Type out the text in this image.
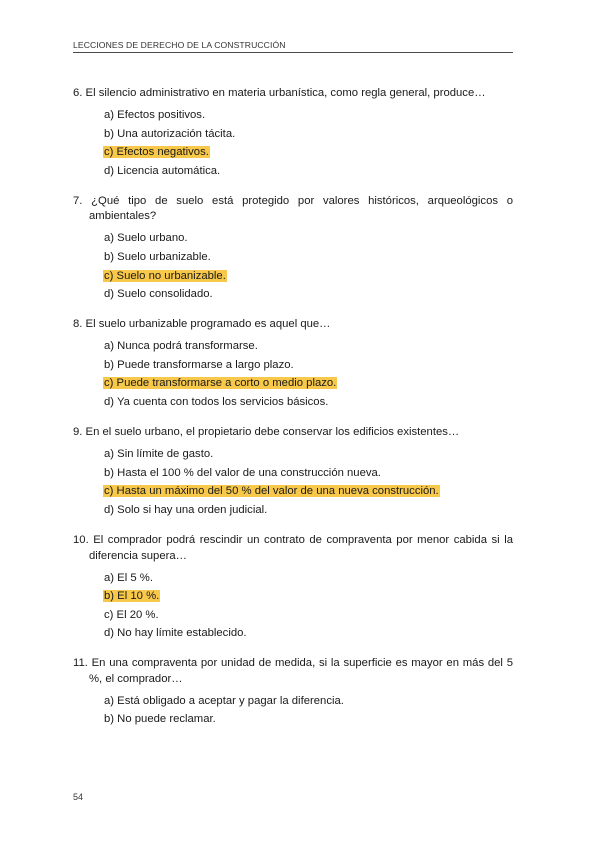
LECCIONES DE DERECHO DE LA CONSTRUCCIÓN
6. El silencio administrativo en materia urbanística, como regla general, produce…
a) Efectos positivos.
b) Una autorización tácita.
c) Efectos negativos.
d) Licencia automática.
7. ¿Qué tipo de suelo está protegido por valores históricos, arqueológicos o ambientales?
a) Suelo urbano.
b) Suelo urbanizable.
c) Suelo no urbanizable.
d) Suelo consolidado.
8. El suelo urbanizable programado es aquel que…
a) Nunca podrá transformarse.
b) Puede transformarse a largo plazo.
c) Puede transformarse a corto o medio plazo.
d) Ya cuenta con todos los servicios básicos.
9. En el suelo urbano, el propietario debe conservar los edificios existentes…
a) Sin límite de gasto.
b) Hasta el 100 % del valor de una construcción nueva.
c) Hasta un máximo del 50 % del valor de una nueva construcción.
d) Solo si hay una orden judicial.
10. El comprador podrá rescindir un contrato de compraventa por menor cabida si la diferencia supera…
a) El 5 %.
b) El 10 %.
c) El 20 %.
d) No hay límite establecido.
11. En una compraventa por unidad de medida, si la superficie es mayor en más del 5 %, el comprador…
a) Está obligado a aceptar y pagar la diferencia.
b) No puede reclamar.
54
